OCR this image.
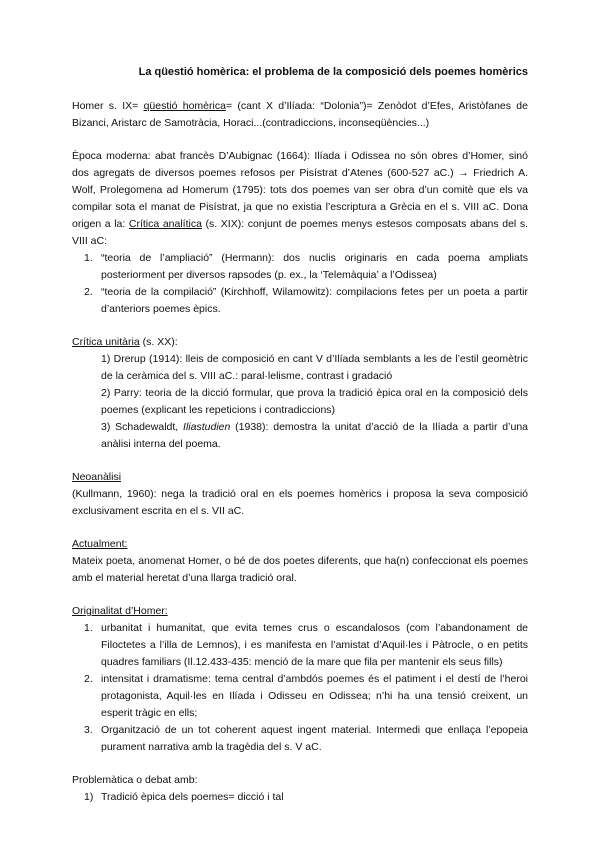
La qüestió homèrica: el problema de la composició dels poemes homèrics

Homer s. IX= qüestió homèrica= (cant X d’Ilíada: “Dolonia”)= Zenòdot d’Efes, Aristòfanes de Bizanci, Aristarc de Samotràcia, Horaci...(contradiccions, inconseqüències...)

Època moderna: abat francès D’Aubignac (1664): Ilíada i Odissea no són obres d’Homer, sinó dos agregats de diversos poemes refosos per Pisístrat d’Atenes (600-527 aC.) → Friedrich A. Wolf, Prolegomena ad Homerum (1795): tots dos poemes van ser obra d’un comitè que els va compilar sota el manat de Pisístrat, ja que no existia l’escriptura a Grècia en el s. VIII aC. Dona origen a la: Crítica analítica (s. XIX): conjunt de poemes menys estesos composats abans del s. VIII aC:

1. “teoria de l’ampliació” (Hermann): dos nuclis originaris en cada poema ampliats posteriorment per diversos rapsodes (p. ex., la ‘Telemàquia’ a l’Odissea)
2. “teoria de la compilació” (Kirchhoff, Wilamowitz): compilacions fetes per un poeta a partir d’anteriors poemes èpics.

Crítica unitària (s. XX):

1) Drerup (1914): lleis de composició en cant V d’Ilíada semblants a les de l’estil geomètric de la ceràmica del s. VIII aC.: paral·lelisme, contrast i gradació

2) Parry: teoria de la dicció formular, que prova la tradició èpica oral en la composició dels poemes (explicant les repeticions i contradiccions)

3) Schadewaldt, Iliastudien (1938): demostra la unitat d’acció de la Ilíada a partir d’una anàlisi interna del poema.

Neoanàlisi

(Kullmann, 1960): nega la tradició oral en els poemes homèrics i proposa la seva composició exclusivament escrita en el s. VII aC.

Actualment:

Mateix poeta, anomenat Homer, o bé de dos poetes diferents, que ha(n) confeccionat els poemes amb el material heretat d’una llarga tradició oral.

Originalitat d’Homer:

1. urbanitat i humanitat, que evita temes crus o escandalosos (com l’abandonament de Filoctetes a l’illa de Lemnos), i es manifesta en l’amistat d’Aquil·les i Pàtrocle, o en petits quadres familiars (Il.12.433-435: menció de la mare que fila per mantenir els seus fills)
2. intensitat i dramatisme: tema central d’ambdós poemes és el patiment i el destí de l’heroi protagonista, Aquil·les en Ilíada i Odisseu en Odissea; n’hi ha una tensió creixent, un esperit tràgic en ells;
3. Organització de un tot coherent aquest ingent material. Intermedi que enllaça l’epopeia purament narrativa amb la tragèdia del s. V aC.

Problemàtica o debat amb:

1) Tradició èpica dels poemes= dicció i tal
